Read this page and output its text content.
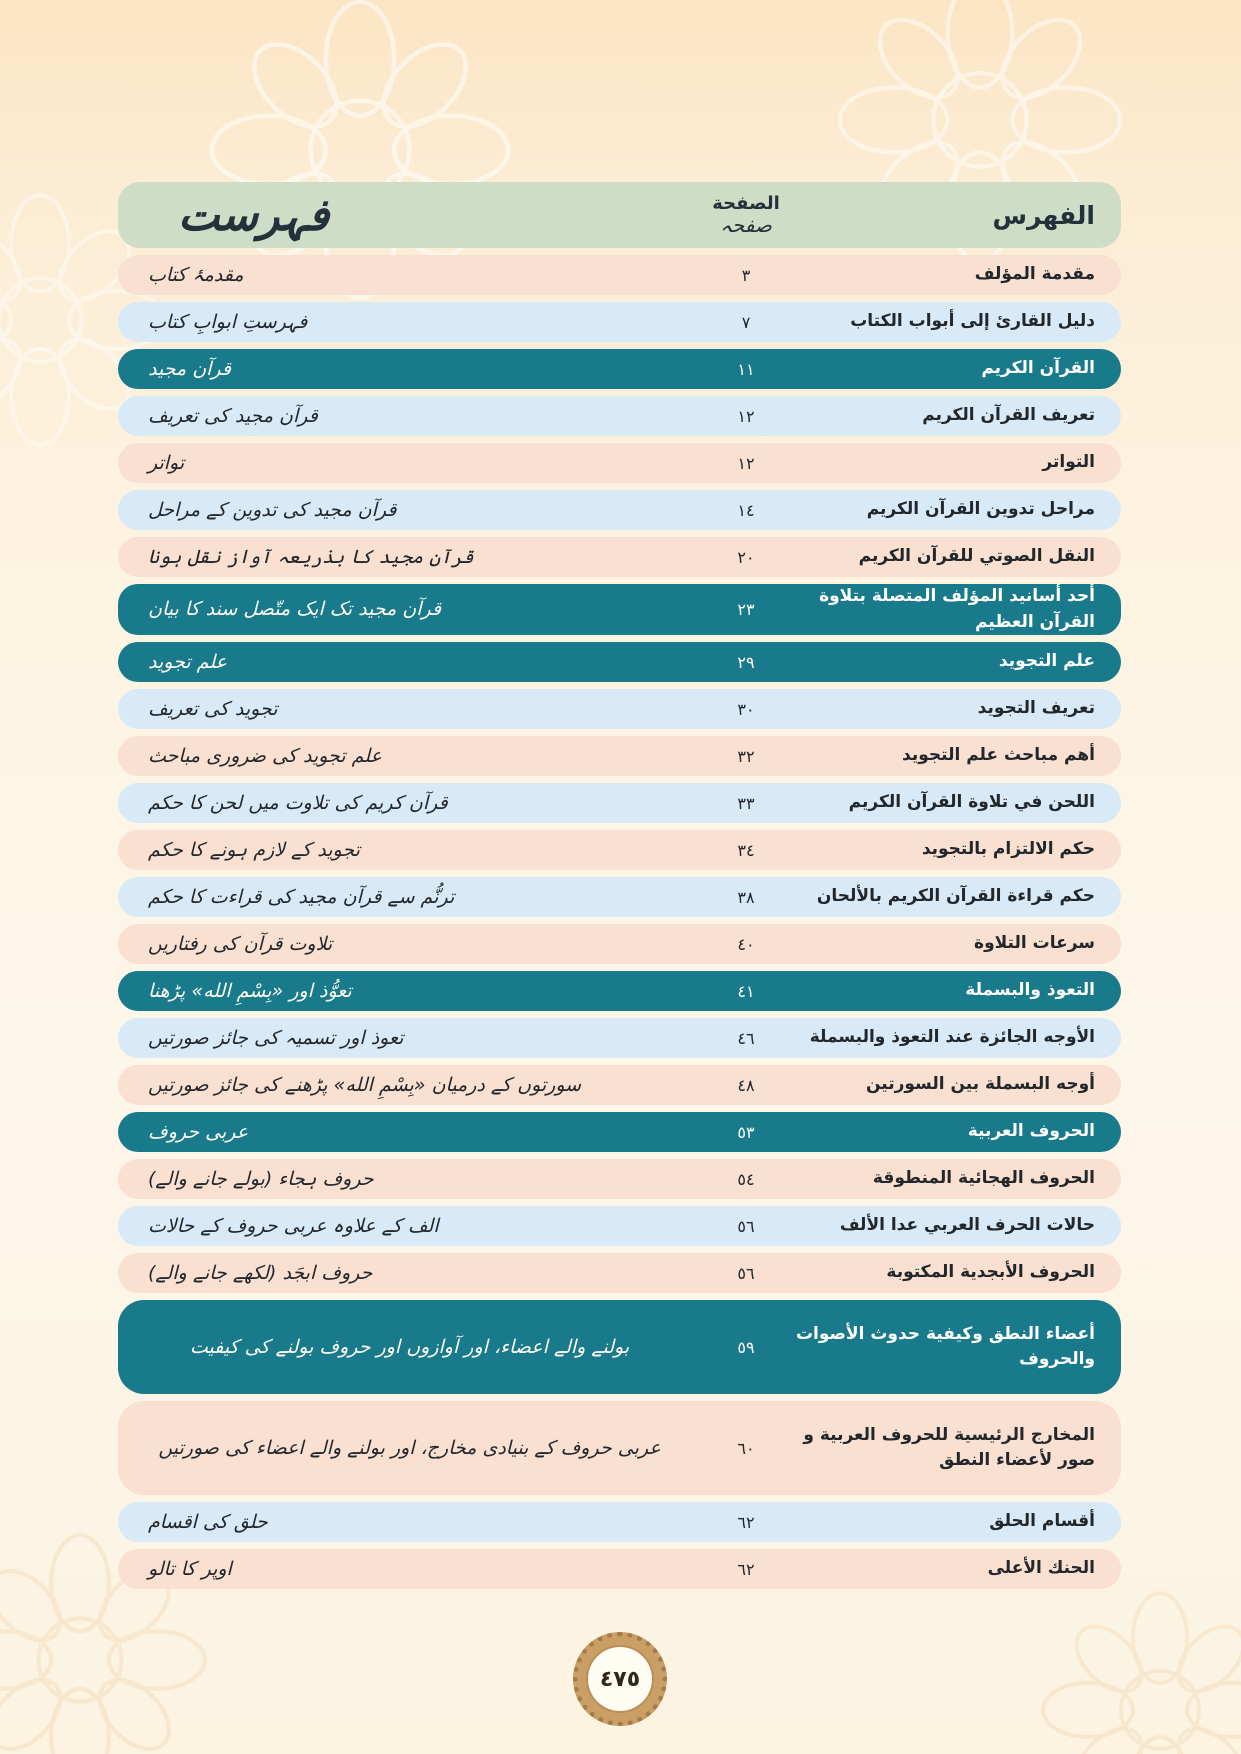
الفهرس
الصفحة
صفحہ
فہرست
مقدمة المؤلف
٣
مقدمۂ کتاب
دليل القارئ إلى أبواب الكتاب
٧
فہرستِ ابوابِ کتاب
القرآن الكريم
١١
قرآن مجید
تعريف القرآن الكريم
١٢
قرآن مجید کی تعریف
التواتر
١٢
تواتر
مراحل تدوين القرآن الكريم
١٤
قرآن مجید کی تدوین کے مراحل
النقل الصوتي للقرآن الكريم
٢٠
قرآن مجید کا بذریعہ آواز نقل ہونا
أحد أسانيد المؤلف المتصلة بتلاوة القرآن العظيم
٢٣
قرآن مجید تک ایک متّصل سند کا بیان
علم التجويد
٢٩
علم تجوید
تعريف التجويد
٣٠
تجوید کی تعریف
أهم مباحث علم التجويد
٣٢
علم تجوید کی ضروری مباحث
اللحن في تلاوة القرآن الكريم
٣٣
قرآن کریم کی تلاوت میں لحن کا حکم
حكم الالتزام بالتجويد
٣٤
تجوید کے لازم ہونے کا حکم
حكم قراءة القرآن الكريم بالألحان
٣٨
ترنُّم سے قرآن مجید کی قراءت کا حکم
سرعات التلاوة
٤٠
تلاوت قرآن کی رفتاریں
التعوذ والبسملة
٤١
تعوُّذ اور «بِسْمِ الله» پڑھنا
الأوجه الجائزة عند التعوذ والبسملة
٤٦
تعوذ اور تسمیہ کی جائز صورتیں
أوجه البسملة بين السورتين
٤٨
سورتوں کے درمیان «بِسْمِ الله» پڑھنے کی جائز صورتیں
الحروف العربية
٥٣
عربی حروف
الحروف الهجائية المنطوقة
٥٤
حروف ہجاء (بولے جانے والے)
حالات الحرف العربي عدا الألف
٥٦
الف کے علاوہ عربی حروف کے حالات
الحروف الأبجدية المكتوبة
٥٦
حروف ابجَد (لکھے جانے والے)
أعضاء النطق وكيفية حدوث الأصوات والحروف
٥٩
بولنے والے اعضاء، اور آوازوں اور حروف بولنے کی کیفیت
المخارج الرئيسية للحروف العربية و صور لأعضاء النطق
٦٠
عربی حروف کے بنیادی مخارج، اور بولنے والے اعضاء کی صورتیں
أقسام الحلق
٦٢
حلق کی اقسام
الحنك الأعلى
٦٢
اوپر کا تالو
٤٧٥
